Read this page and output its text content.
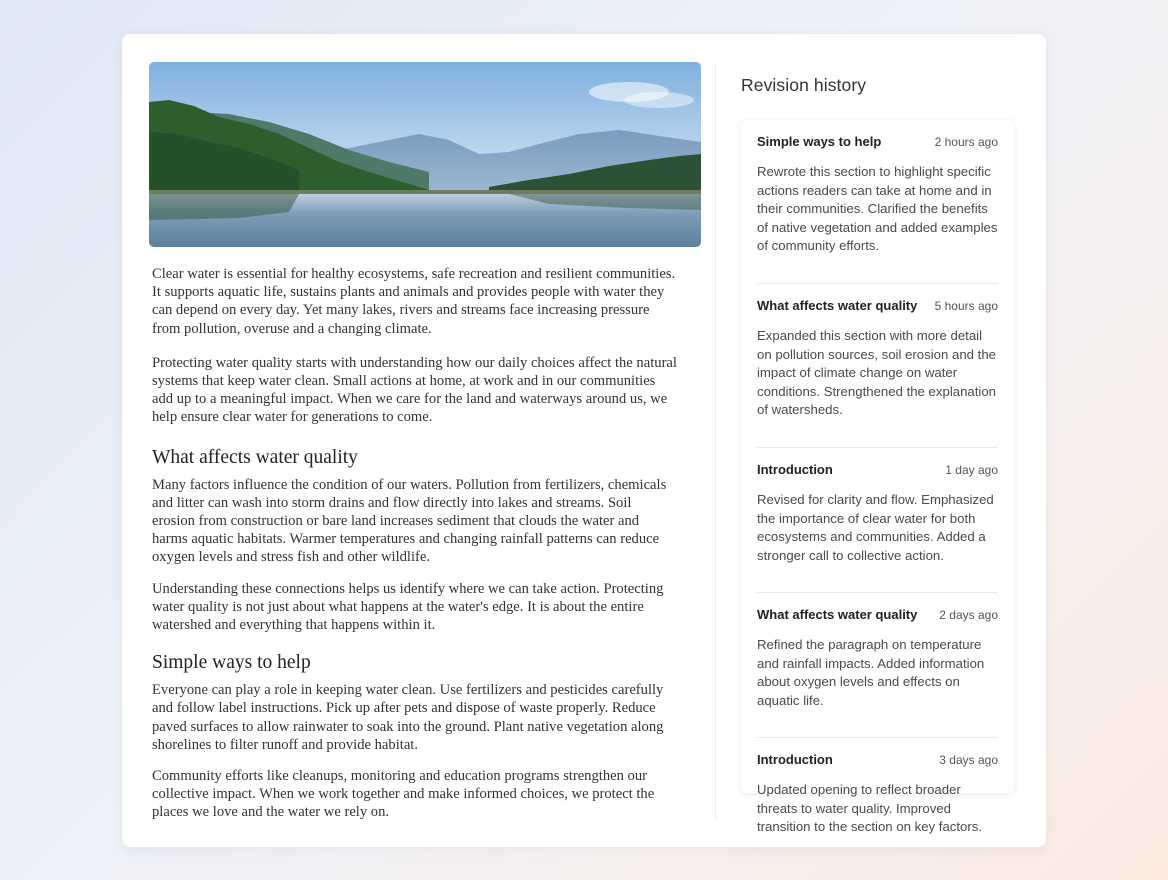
Clear water is essential for healthy ecosystems, safe recreation and resilient communities. It supports aquatic life, sustains plants and animals and provides people with water they can depend on every day. Yet many lakes, rivers and streams face increasing pressure from pollution, overuse and a changing climate.

Protecting water quality starts with understanding how our daily choices affect the natural systems that keep water clean. Small actions at home, at work and in our communities add up to a meaningful impact. When we care for the land and waterways around us, we help ensure clear water for generations to come.

What affects water quality

Many factors influence the condition of our waters. Pollution from fertilizers, chemicals and litter can wash into storm drains and flow directly into lakes and streams. Soil erosion from construction or bare land increases sediment that clouds the water and harms aquatic habitats. Warmer temperatures and changing rainfall patterns can reduce oxygen levels and stress fish and other wildlife.

Understanding these connections helps us identify where we can take action. Protecting water quality is not just about what happens at the water's edge. It is about the entire watershed and everything that happens within it.

Simple ways to help

Everyone can play a role in keeping water clean. Use fertilizers and pesticides carefully and follow label instructions. Pick up after pets and dispose of waste properly. Reduce paved surfaces to allow rainwater to soak into the ground. Plant native vegetation along shorelines to filter runoff and provide habitat.

Community efforts like cleanups, monitoring and education programs strengthen our collective impact. When we work together and make informed choices, we protect the places we love and the water we rely on.

Revision history
Simple ways to help	2 hours ago

Rewrote this section to highlight specific actions readers can take at home and in their communities. Clarified the benefits of native vegetation and added examples of community efforts.

What affects water quality 5 hours ago

Expanded this section with more detail on pollution sources, soil erosion and the impact of climate change on water conditions. Strengthened the explanation of watersheds.

Introduction	1 day ago

Revised for clarity and flow. Emphasized the importance of clear water for both ecosystems and communities. Added a stronger call to collective action.

What affects water quality 2 days ago

Refined the paragraph on temperature and rainfall impacts. Added information about oxygen levels and effects on aquatic life.

Introduction	3 days ago

Updated opening to reflect broader threats to water quality. Improved transition to the section on key factors.
